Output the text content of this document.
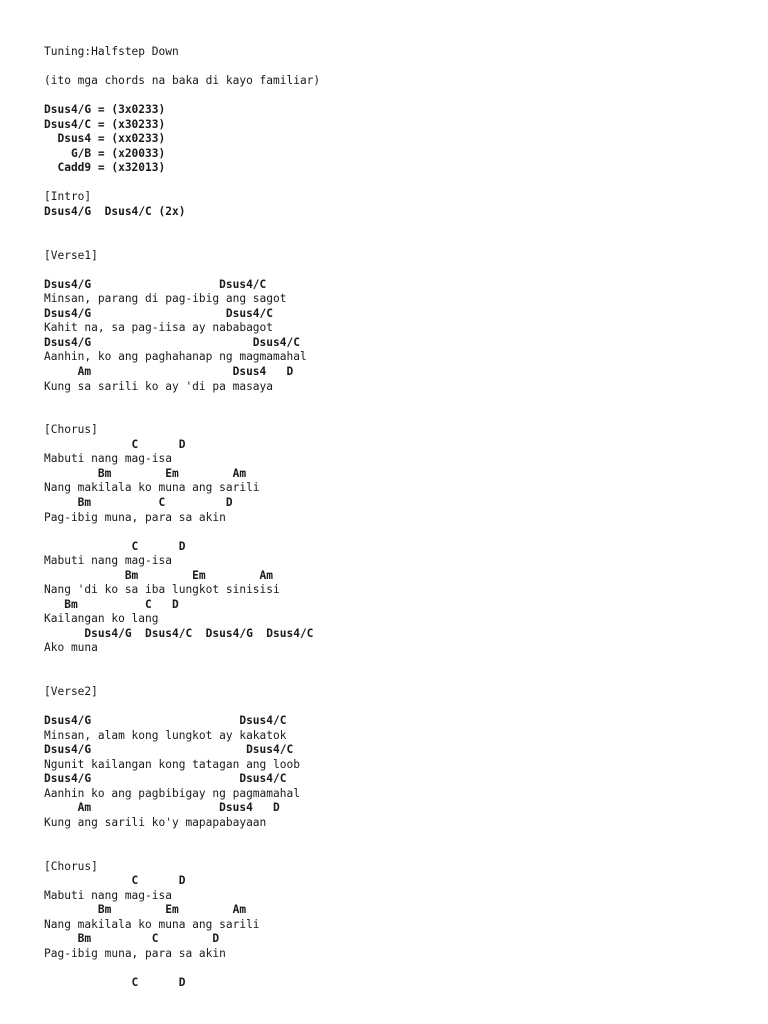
Tuning:Halfstep Down
(ito mga chords na baka di kayo familiar)
Dsus4/G = (3x0233)
Dsus4/C = (x30233)
Dsus4 = (xx0233)
G/B = (x20033)
Cadd9 = (x32013)
[Intro]
Dsus4/G  Dsus4/C (2x)
[Verse1]
Dsus4/G                   Dsus4/C
Minsan, parang di pag-ibig ang sagot
Dsus4/G                    Dsus4/C
Kahit na, sa pag-iisa ay nababagot
Dsus4/G                        Dsus4/C
Aanhin, ko ang paghahanap ng magmamahal
Am                     Dsus4   D
Kung sa sarili ko ay 'di pa masaya
[Chorus]
C      D
Mabuti nang mag-isa
Bm        Em        Am
Nang makilala ko muna ang sarili
Bm          C         D
Pag-ibig muna, para sa akin
C      D
Mabuti nang mag-isa
Bm        Em        Am
Nang 'di ko sa iba lungkot sinisisi
Bm          C   D
Kailangan ko lang
Dsus4/G  Dsus4/C  Dsus4/G  Dsus4/C
Ako muna
[Verse2]
Dsus4/G                      Dsus4/C
Minsan, alam kong lungkot ay kakatok
Dsus4/G                       Dsus4/C
Ngunit kailangan kong tatagan ang loob
Dsus4/G                      Dsus4/C
Aanhin ko ang pagbibigay ng pagmamahal
Am                   Dsus4   D
Kung ang sarili ko'y mapapabayaan
[Chorus]
C      D
Mabuti nang mag-isa
Bm        Em        Am
Nang makilala ko muna ang sarili
Bm         C        D
Pag-ibig muna, para sa akin
C      D
